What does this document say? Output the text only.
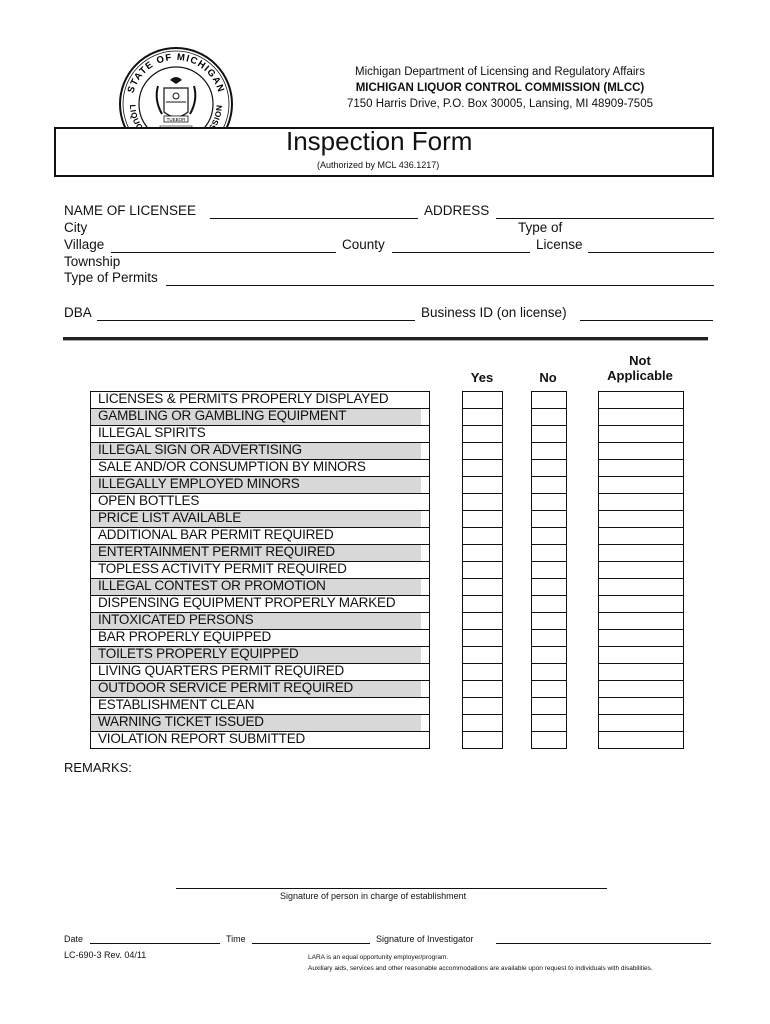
STATE OF MICHIGAN
LIQU SION
TUEBOR
Michigan Department of Licensing and Regulatory Affairs
MICHIGAN LIQUOR CONTROL COMMISSION (MLCC)
7150 Harris Drive, P.O. Box 30005, Lansing, MI 48909-7505
Inspection Form
(Authorized by MCL 436.1217)
NAME OF LICENSEE	ADDRESS
City	Type of
Village	County	License
Township
Type of Permits
DBA	Business ID (on license)
Yes	No
Not
Applicable
LICENSES & PERMITS PROPERLY DISPLAYED
GAMBLING OR GAMBLING EQUIPMENT
ILLEGAL SPIRITS
ILLEGAL SIGN OR ADVERTISING
SALE AND/OR CONSUMPTION BY MINORS
ILLEGALLY EMPLOYED MINORS
OPEN BOTTLES
PRICE LIST AVAILABLE
ADDITIONAL BAR PERMIT REQUIRED
ENTERTAINMENT PERMIT REQUIRED
TOPLESS ACTIVITY PERMIT REQUIRED
ILLEGAL CONTEST OR PROMOTION
DISPENSING EQUIPMENT PROPERLY MARKED
INTOXICATED PERSONS
BAR PROPERLY EQUIPPED
TOILETS PROPERLY EQUIPPED
LIVING QUARTERS PERMIT REQUIRED
OUTDOOR SERVICE PERMIT REQUIRED
ESTABLISHMENT CLEAN
WARNING TICKET ISSUED
VIOLATION REPORT SUBMITTED
REMARKS:
Signature of person in charge of establishment
Date	Time	Signature of Investigator
LC-690-3 Rev. 04/11	LARA is an equal opportunity employer/program.
Auxiliary aids, services and other reasonable accommodations are available upon request to individuals with disabilities.
